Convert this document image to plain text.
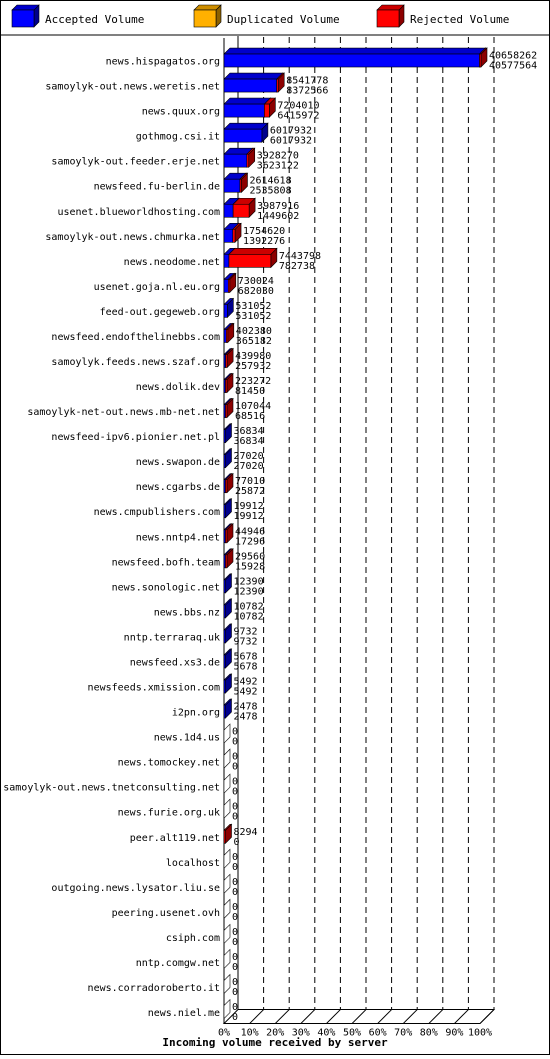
Accepted Volume	Duplicated Volume	Rejected Volume
0% 10% 20% 30% 40% 50% 60% 70% 80% 90% 100%
Incoming volume received by server
news.hispagatos.org
40658262
40577564
samoylyk-out.news.weretis.net
8541778
8372566
news.quux.org
7204010
6415972
gothmog.csi.it
6017932
6017932
samoylyk-out.feeder.erje.net
3928270
3623122
newsfeed.fu-berlin.de
2614618
2535808
usenet.blueworldhosting.com
3987916
1449602
samoylyk-out.news.chmurka.net
1754620
1392276
news.neodome.net
7443798
782738
usenet.goja.nl.eu.org
730024
682030
feed-out.gegeweb.org
531052
531052
newsfeed.endofthelinebbs.com
402380
365182
samoylyk.feeds.news.szaf.org
439980
257932
news.dolik.dev
223272
81450
samoylyk-net-out.news.mb-net.net
107044
68516
newsfeed-ipv6.pionier.net.pl
36834
36834
news.swapon.de
27020
27020
news.cgarbs.de
77010
25872
news.cmpublishers.com
19912
19912
news.nntp4.net
44946
17296
newsfeed.bofh.team
29560
15928
news.sonologic.net
12390
12390
news.bbs.nz
10782
10782
nntp.terraraq.uk
9732
9732
newsfeed.xs3.de
5678
5678
newsfeeds.xmission.com
5492
5492
i2pn.org
2478
2478
news.1d4.us
0
0
news.tomockey.net
0
0
samoylyk-out.news.tnetconsulting.net
0
0
news.furie.org.uk
0
0
peer.alt119.net
8294
0
localhost
0
0
outgoing.news.lysator.liu.se
0
0
peering.usenet.ovh
0
0
csiph.com
0
0
nntp.comgw.net
0
0
news.corradoroberto.it
0
0
news.niel.me
0
0
